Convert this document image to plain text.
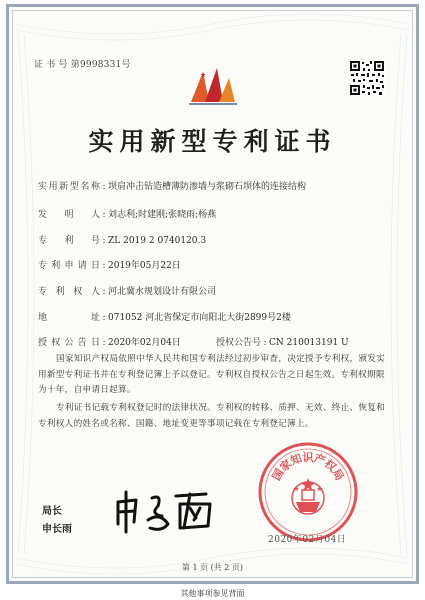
证 书 号 第9998331号
★
实用新型专利证书
实用新型名称 : 坝肩冲击钻造槽薄防渗墙与浆砌石坝体的连接结构
发 明 人 : 刘志利;时建刚;张晓雨;杨燕
专 利 号 : ZL 2019 2 0740120.3
专利申请日 : 2019年05月22日
专 利 权 人 : 河北冀水规划设计有限公司
地 址 : 071052 河北省保定市向阳北大街2899号2楼
授权公告日 : 2020年02月04日	授权公告号 : CN 210013191 U
国家知识产权局依照中华人民共和国专利法经过初步审查，决定授予专利权，颁发实用新型专利证书并在专利登记簿上予以登记。专利权自授权公告之日起生效。专利权期限为十年，自申请日起算。
专利证书记载专利权登记时的法律状况。专利权的转移、质押、无效、终止、恢复和专利权人的姓名或名称、国籍、地址变更等事项记载在专利登记簿上。
局长
申长雨
国
家
知
识
产
权
局
2020年02月04日
第 1 页 (共 2 页)
其他事项参见背面
